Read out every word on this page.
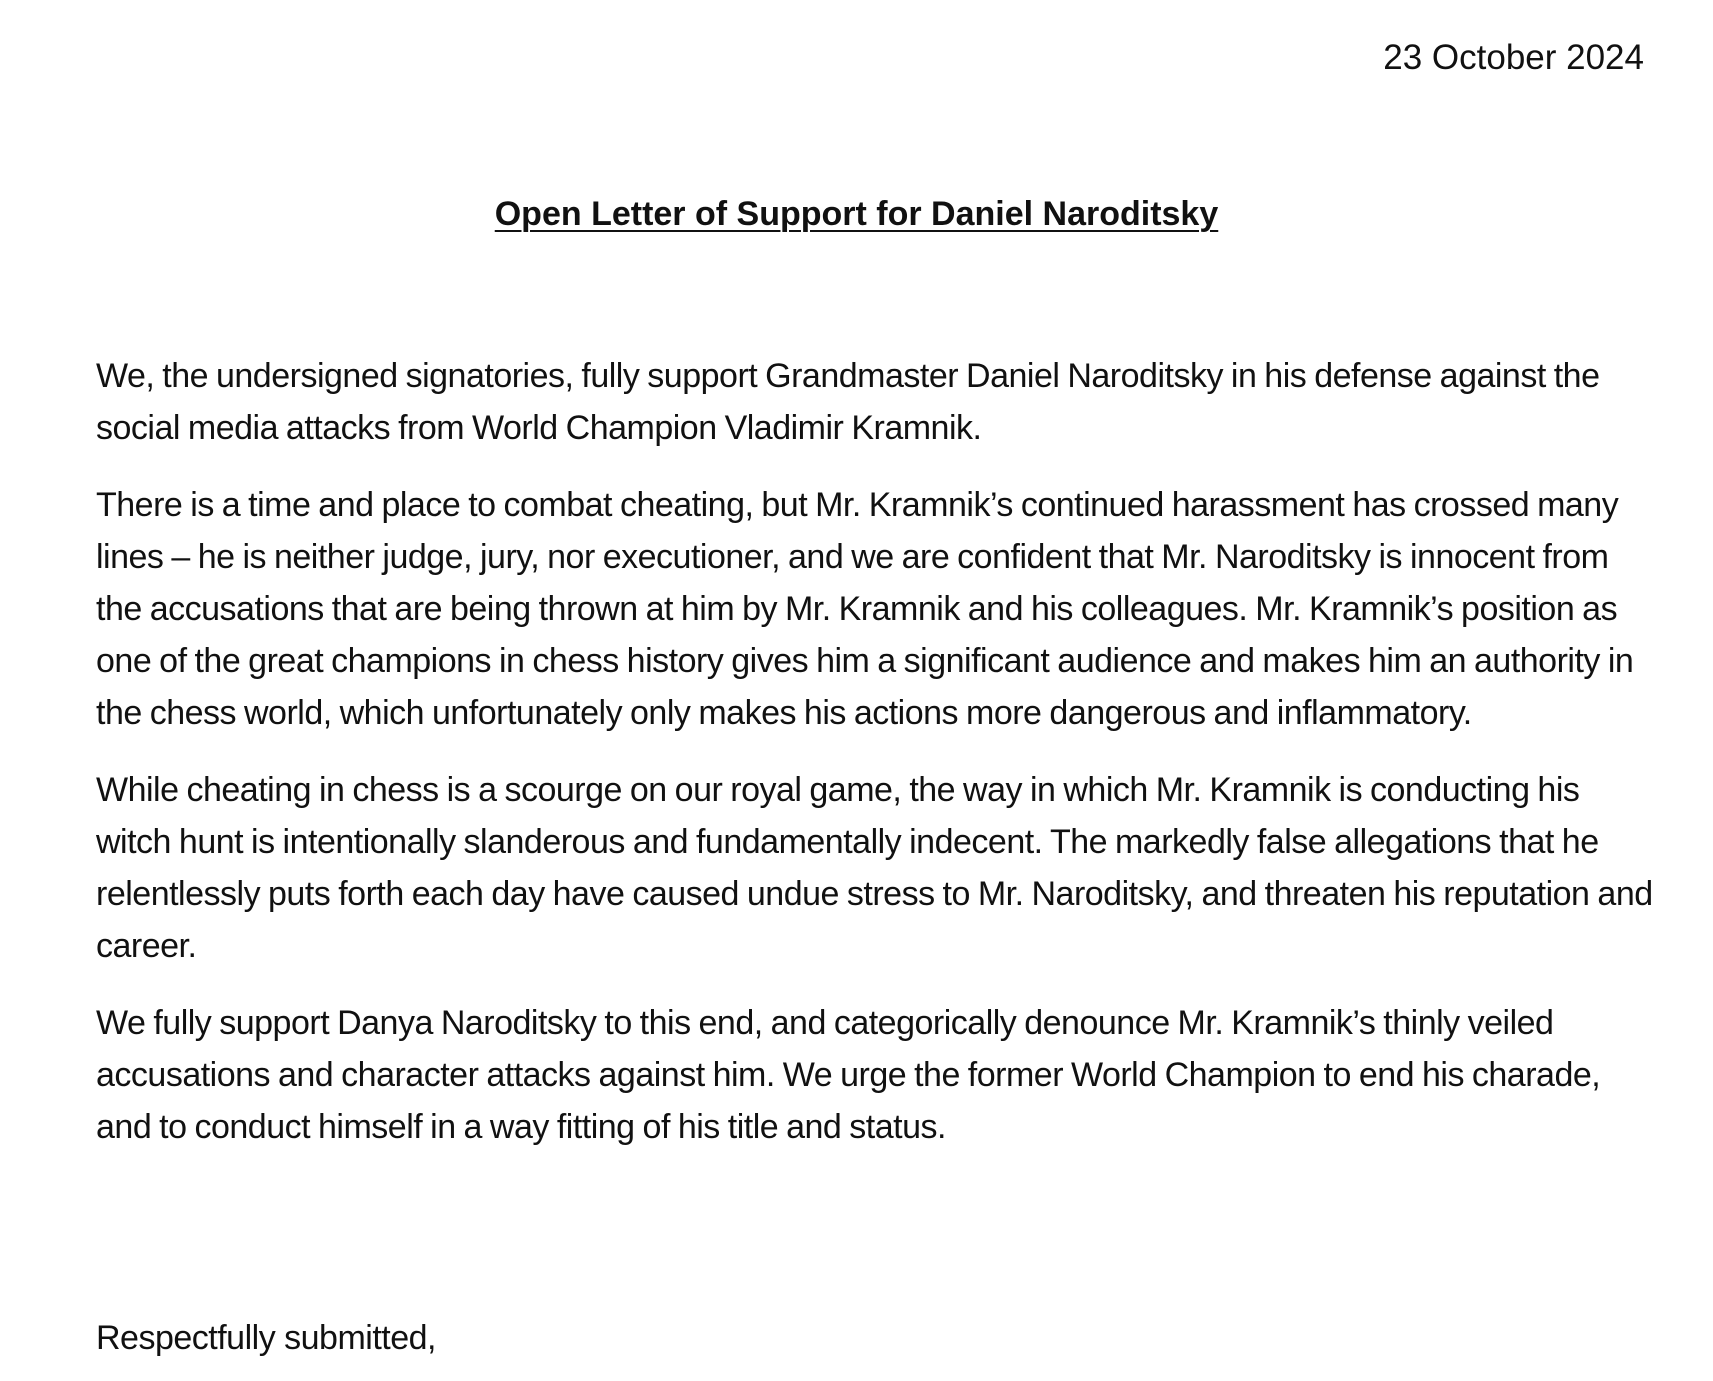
23 October 2024
Open Letter of Support for Daniel Naroditsky

We, the undersigned signatories, fully support Grandmaster Daniel Naroditsky in his defense against the social media attacks from World Champion Vladimir Kramnik.

There is a time and place to combat cheating, but Mr. Kramnik’s continued harassment has crossed many lines – he is neither judge, jury, nor executioner, and we are confident that Mr. Naroditsky is innocent from the accusations that are being thrown at him by Mr. Kramnik and his colleagues. Mr. Kramnik’s position as one of the great champions in chess history gives him a significant audience and makes him an authority in the chess world, which unfortunately only makes his actions more dangerous and inflammatory.

While cheating in chess is a scourge on our royal game, the way in which Mr. Kramnik is conducting his witch hunt is intentionally slanderous and fundamentally indecent. The markedly false allegations that he relentlessly puts forth each day have caused undue stress to Mr. Naroditsky, and threaten his reputation and career.

We fully support Danya Naroditsky to this end, and categorically denounce Mr. Kramnik’s thinly veiled accusations and character attacks against him. We urge the former World Champion to end his charade, and to conduct himself in a way fitting of his title and status.

Respectfully submitted,
